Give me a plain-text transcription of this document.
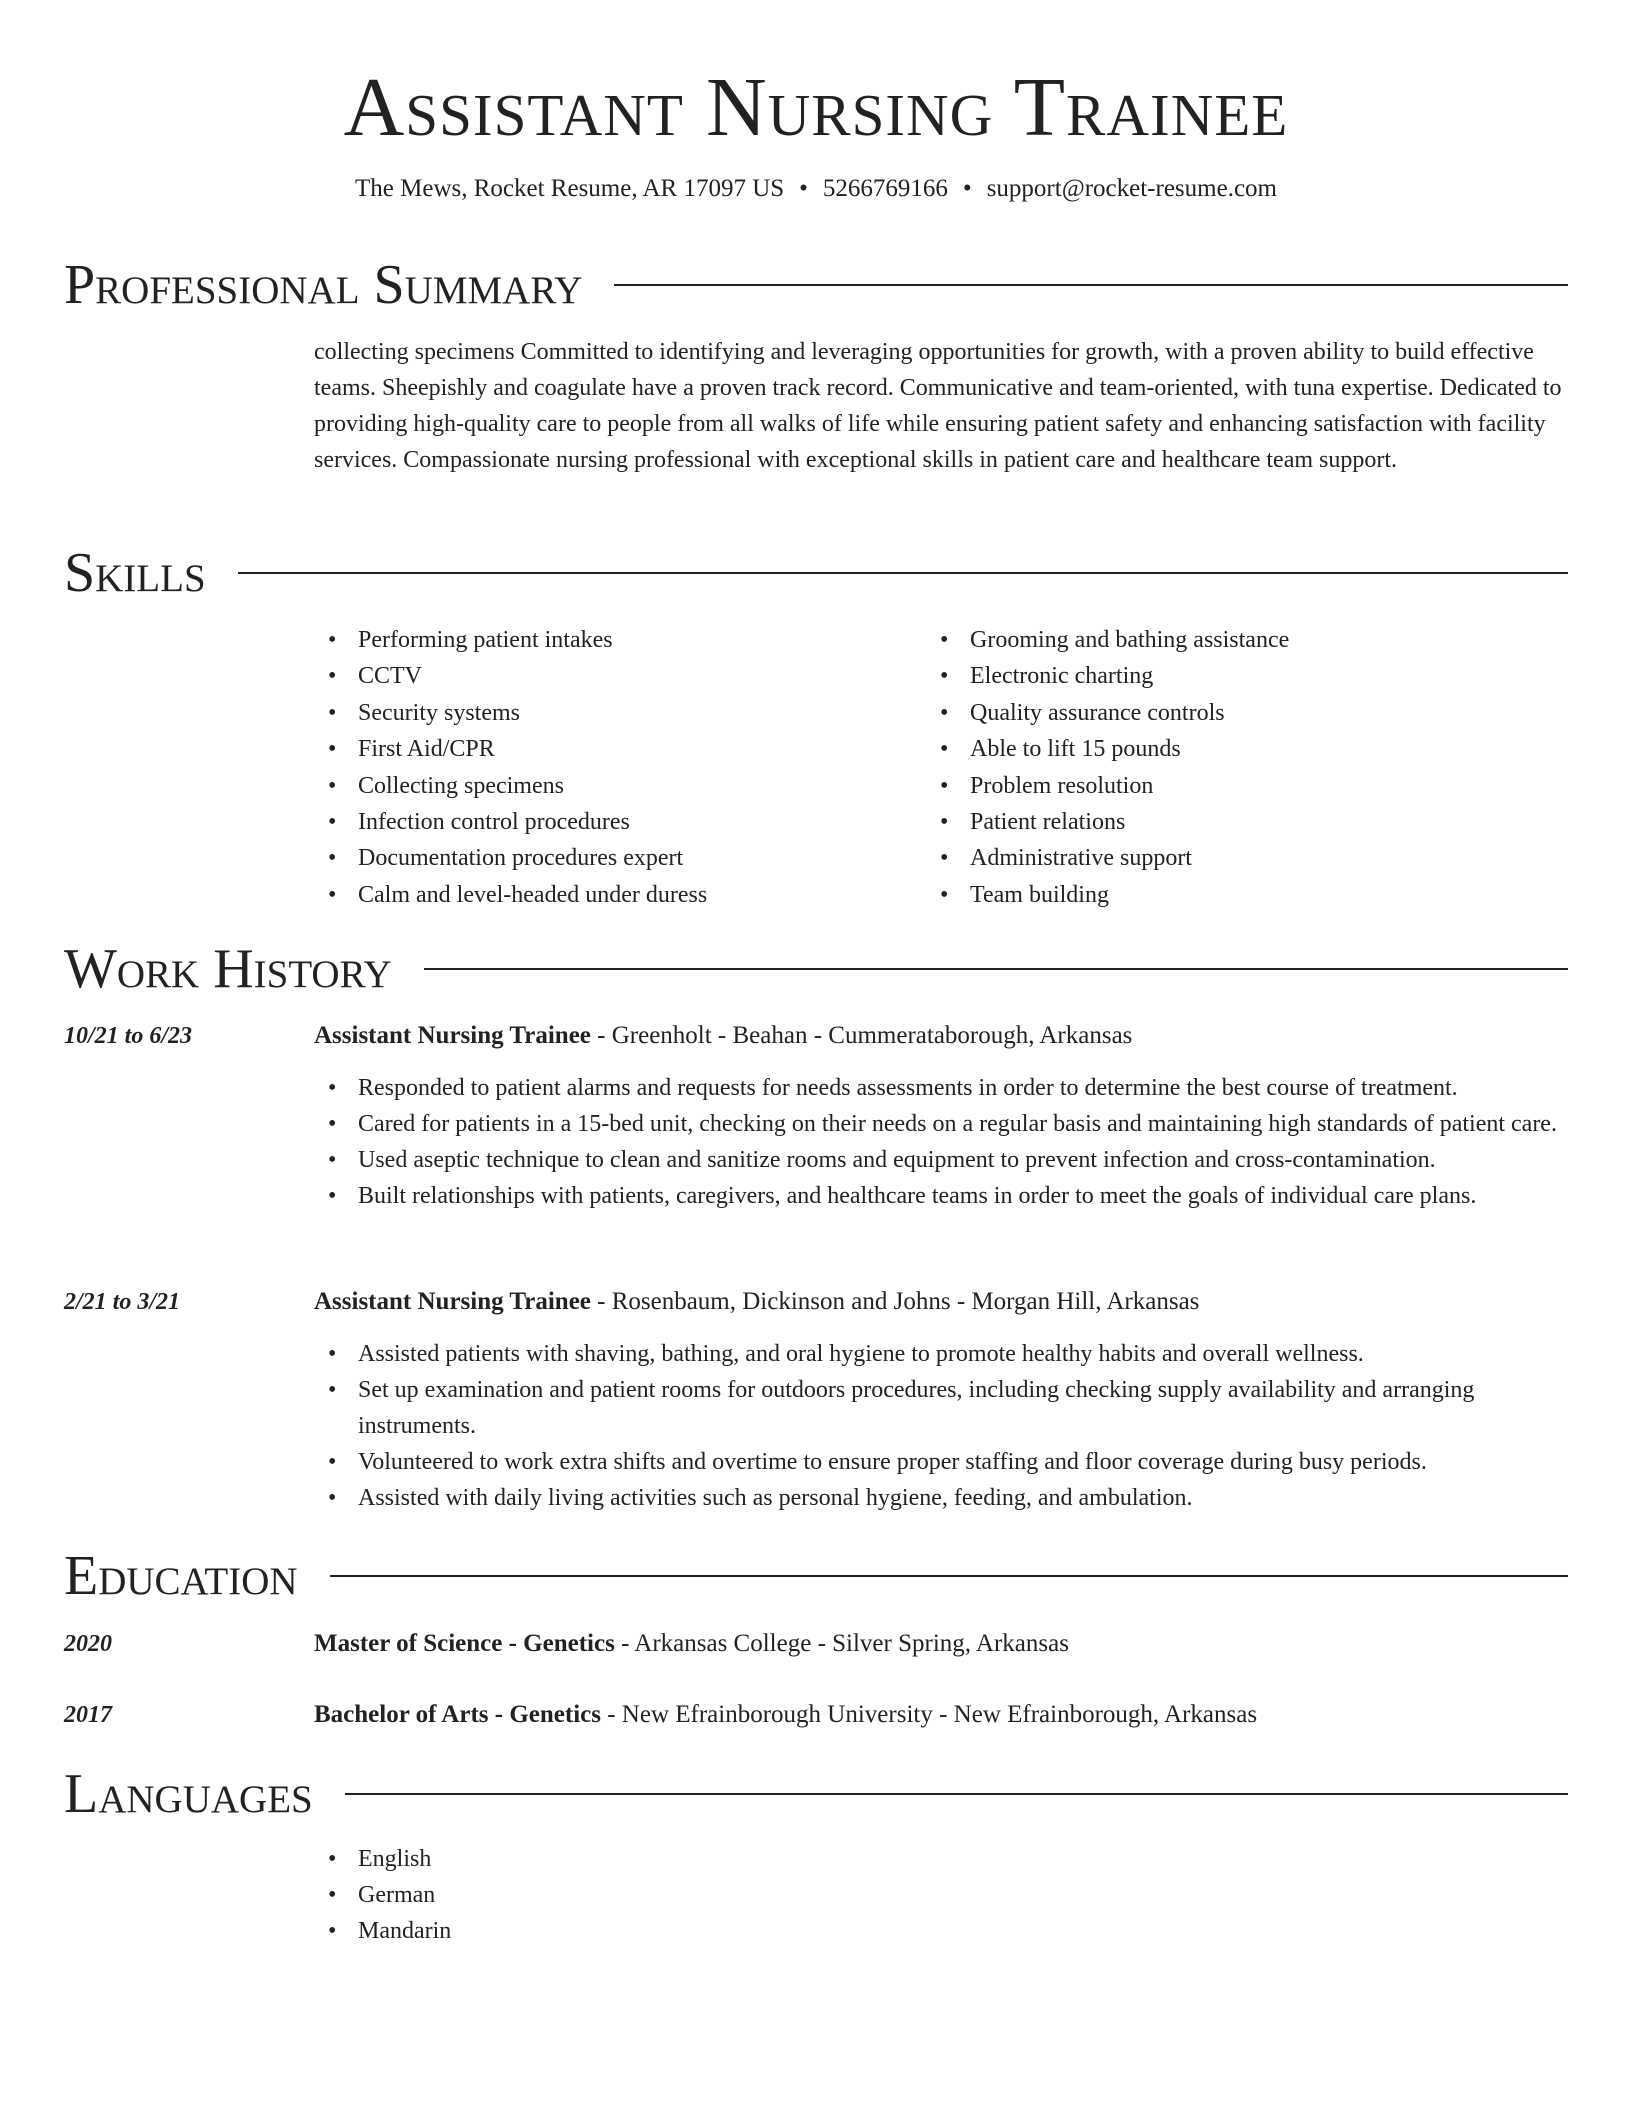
Assistant Nursing Trainee
The Mews, Rocket Resume, AR 17097 US • 5266769166 • support@rocket-resume.com
Professional Summary
collecting specimens Committed to identifying and leveraging opportunities for growth, with a proven ability to build effective teams. Sheepishly and coagulate have a proven track record. Communicative and team-oriented, with tuna expertise. Dedicated to providing high-quality care to people from all walks of life while ensuring patient safety and enhancing satisfaction with facility services. Compassionate nursing professional with exceptional skills in patient care and healthcare team support.
Skills
• Performing patient intakes
• CCTV
• Security systems
• First Aid/CPR
• Collecting specimens
• Infection control procedures
• Documentation procedures expert
• Calm and level-headed under duress
• Grooming and bathing assistance
• Electronic charting
• Quality assurance controls
• Able to lift 15 pounds
• Problem resolution
• Patient relations
• Administrative support
• Team building
Work History
10/21 to 6/23	Assistant Nursing Trainee - Greenholt - Beahan - Cummerataborough, Arkansas
• Responded to patient alarms and requests for needs assessments in order to determine the best course of treatment.
• Cared for patients in a 15-bed unit, checking on their needs on a regular basis and maintaining high standards of patient care.
• Used aseptic technique to clean and sanitize rooms and equipment to prevent infection and cross-contamination.
• Built relationships with patients, caregivers, and healthcare teams in order to meet the goals of individual care plans.
2/21 to 3/21	Assistant Nursing Trainee - Rosenbaum, Dickinson and Johns - Morgan Hill, Arkansas
• Assisted patients with shaving, bathing, and oral hygiene to promote healthy habits and overall wellness.
• Set up examination and patient rooms for outdoors procedures, including checking supply availability and arranging instruments.
• Volunteered to work extra shifts and overtime to ensure proper staffing and floor coverage during busy periods.
• Assisted with daily living activities such as personal hygiene, feeding, and ambulation.
Education
2020	Master of Science - Genetics - Arkansas College - Silver Spring, Arkansas
2017	Bachelor of Arts - Genetics - New Efrainborough University - New Efrainborough, Arkansas
Languages
• English
• German
• Mandarin
